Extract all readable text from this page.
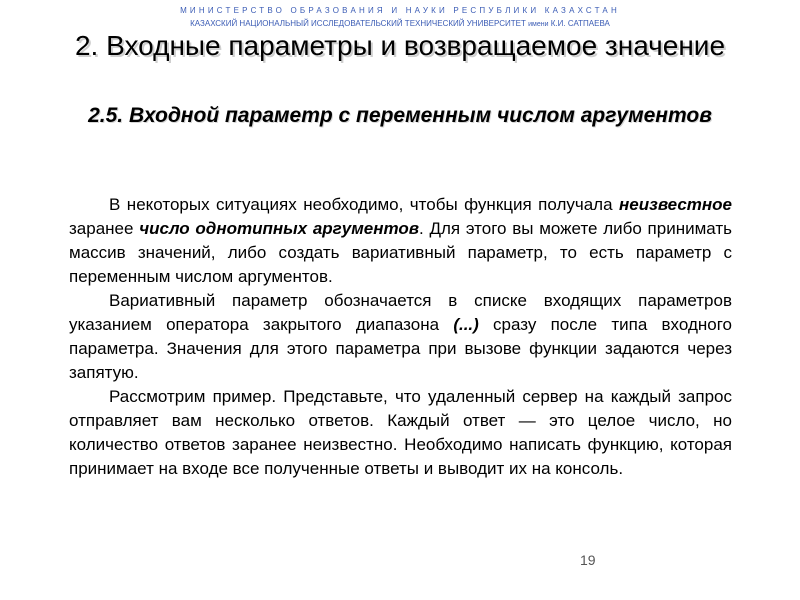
МИНИСТЕРСТВО ОБРАЗОВАНИЯ И НАУКИ РЕСПУБЛИКИ КАЗАХСТАН
КАЗАХСКИЙ НАЦИОНАЛЬНЫЙ ИССЛЕДОВАТЕЛЬСКИЙ ТЕХНИЧЕСКИЙ УНИВЕРСИТЕТ имени К.И. САТПАЕВА
2. Входные параметры и возвращаемое значение
2.5. Входной параметр с переменным числом аргументов

В некоторых ситуациях необходимо, чтобы функция получала неизвестное заранее число однотипных аргументов. Для этого вы можете либо принимать массив значений, либо создать вариативный параметр, то есть параметр с переменным числом аргументов.

Вариативный параметр обозначается в списке входящих параметров указанием оператора закрытого диапазона (...) сразу после типа входного параметра. Значения для этого параметра при вызове функции задаются через запятую.

Рассмотрим пример. Представьте, что удаленный сервер на каждый запрос отправляет вам несколько ответов. Каждый ответ — это целое число, но количество ответов заранее неизвестно. Необходимо написать функцию, которая принимает на входе все полученные ответы и выводит их на консоль.

19
